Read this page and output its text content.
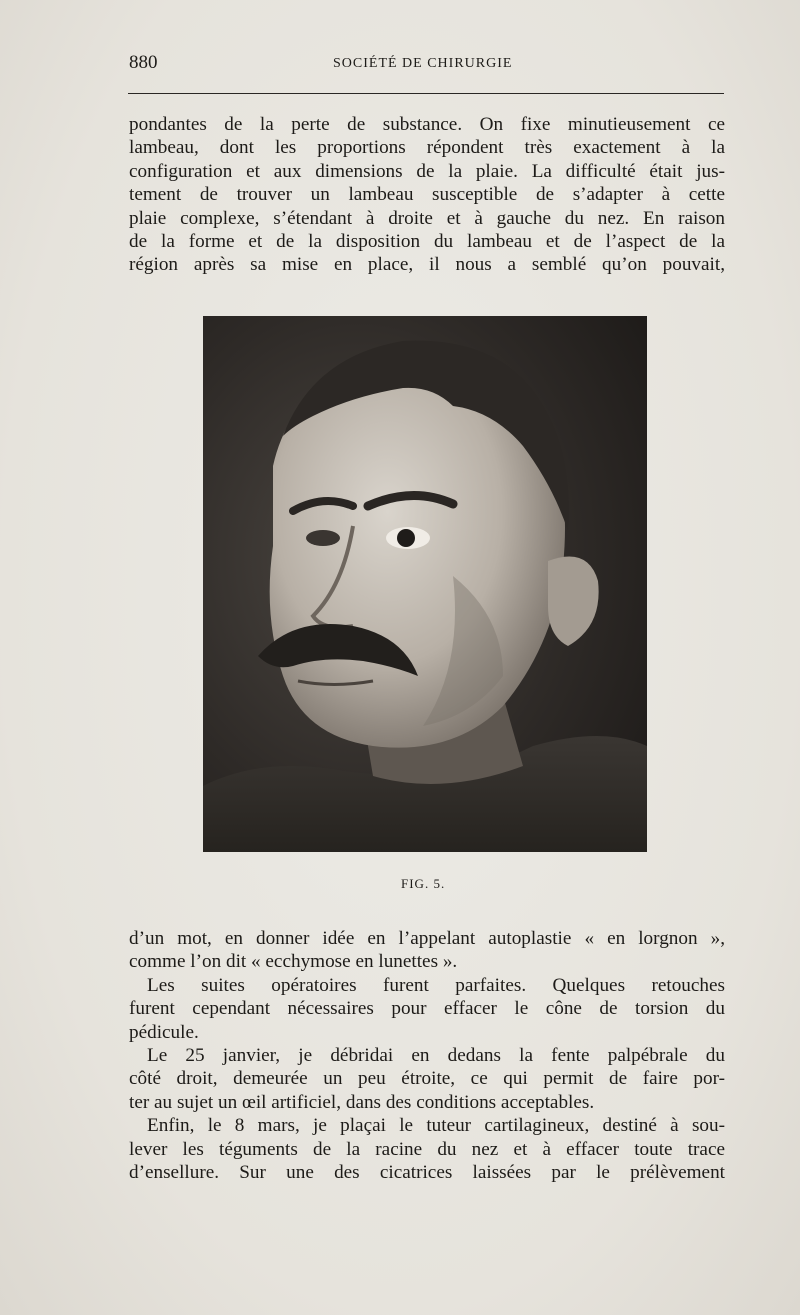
880	SOCIÉTÉ DE CHIRURGIE
pondantes de la perte de substance. On fixe minutieusement ce
lambeau, dont les proportions répondent très exactement à la
configuration et aux dimensions de la plaie. La difficulté était jus-
tement de trouver un lambeau susceptible de s’adapter à cette
plaie complexe, s’étendant à droite et à gauche du nez. En raison
de la forme et de la disposition du lambeau et de l’aspect de la
région après sa mise en place, il nous a semblé qu’on pouvait,
FIG. 5.
d’un mot, en donner idée en l’appelant autoplastie « en lorgnon »,
comme l’on dit « ecchymose en lunettes ».
Les suites opératoires furent parfaites. Quelques retouches
furent cependant nécessaires pour effacer le cône de torsion du
pédicule.
Le 25 janvier, je débridai en dedans la fente palpébrale du
côté droit, demeurée un peu étroite, ce qui permit de faire por-
ter au sujet un œil artificiel, dans des conditions acceptables.
Enfin, le 8 mars, je plaçai le tuteur cartilagineux, destiné à sou-
lever les téguments de la racine du nez et à effacer toute trace
d’ensellure. Sur une des cicatrices laissées par le prélèvement
